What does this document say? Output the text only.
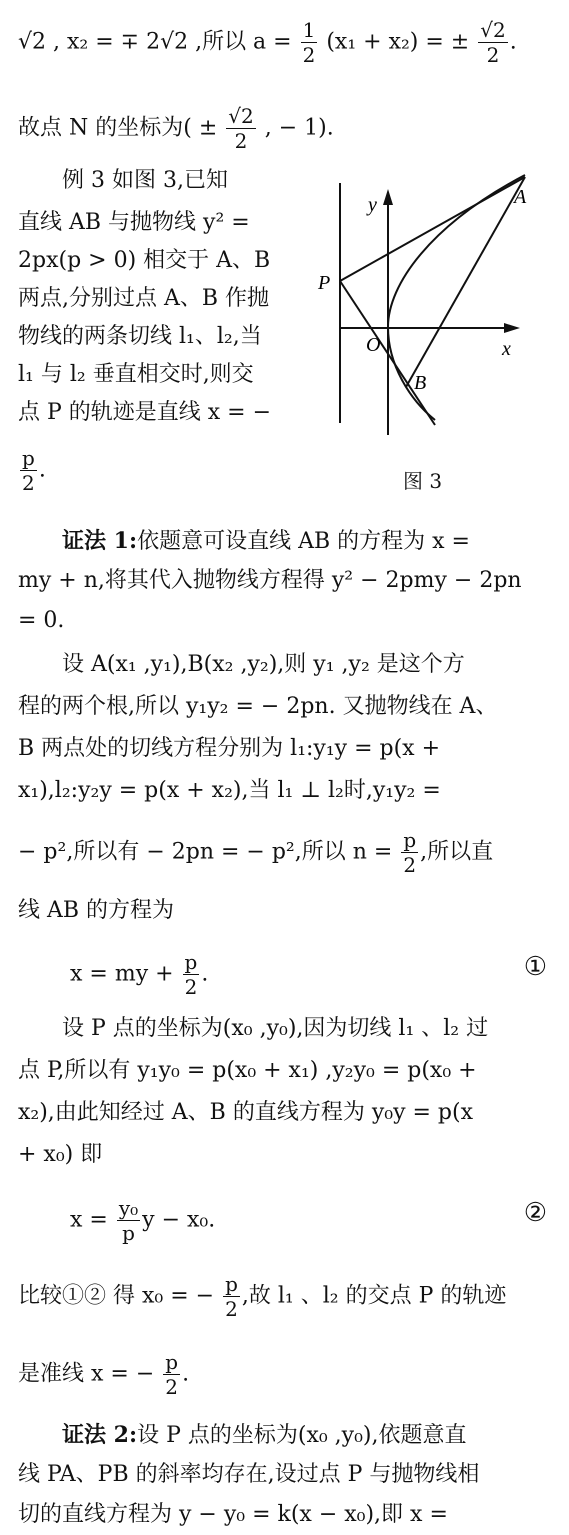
√2 , x₂ = ∓ 2√2 ,所以 $a = \frac{1}{2} (x_1 + x_2)$ = ± $\frac{√2}{2}$ .
故点 N 的坐标为( ± $\frac{√2}{2}$ , − 1).
例 3 如图 3,已知
直线 AB 与抛物线 y² =
2px(p > 0) 相交于 A、B
两点,分别过点 A、B 作抛
物线的两条切线 l₁、l₂,当
l₁ 与 l₂ 垂直相交时,则交
点 P 的轨迹是直线 x = −
$\frac{p}{2}$ .
y
x
A
B
P
O
图 3
证法 1:依题意可设直线 AB 的方程为 x =
my + n,将其代入抛物线方程得 y² − 2pmy − 2pn
= 0.
设 A(x₁ ,y₁),B(x₂ ,y₂),则 y₁ ,y₂ 是这个方
程的两个根,所以 y₁y₂ = − 2pn. 又抛物线在 A、
B 两点处的切线方程分别为 l₁:y₁y = p(x +
x₁),l₂:y₂y = p(x + x₂),当 l₁ ⊥ l₂时,y₁y₂ =
− p²,所以有 − 2pn = − p²,所以 $n = \frac{p}{2}$ ,所以直
线 AB 的方程为
x = my + $\frac{p}{2}$ .	①
设 P 点的坐标为(x₀ ,y₀),因为切线 l₁ 、l₂ 过
点 P,所以有 y₁y₀ = p(x₀ + x₁) ,y₂y₀ = p(x₀ +
x₂),由此知经过 A、B 的直线方程为 y₀y = p(x
+ x₀) 即
$x = \frac{\text{y₀}}{p}$ y − x₀.	②
比较①② 得 x₀ = − $\frac{p}{2}$ ,故 l₁ 、l₂ 的交点 P 的轨迹
是准线 x = − $\frac{p}{2}$ .
证法 2:设 P 点的坐标为(x₀ ,y₀),依题意直
线 PA、PB 的斜率均存在,设过点 P 与抛物线相
切的直线方程为 y − y₀ = k(x − x₀),即 x =
